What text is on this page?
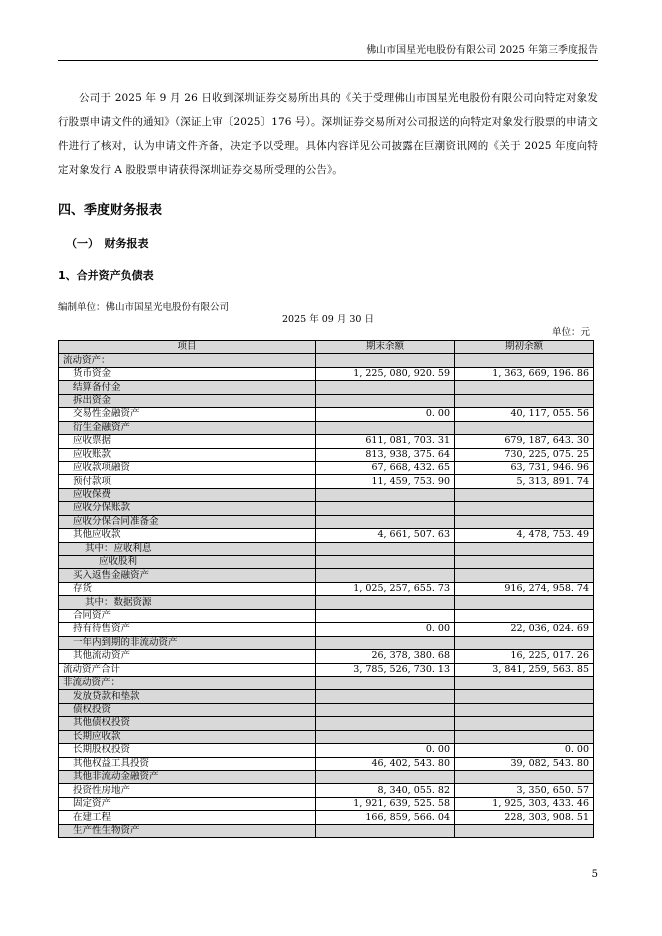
佛山市国星光电股份有限公司 2025 年第三季度报告

公司于 2025 年 9 月 26 日收到深圳证券交易所出具的《关于受理佛山市国星光电股份有限公司向特定对象发行股票申请文件的通知》（深证上审〔2025〕176 号）。深圳证券交易所对公司报送的向特定对象发行股票的申请文件进行了核对，认为申请文件齐备，决定予以受理。具体内容详见公司披露在巨潮资讯网的《关于 2025 年度向特定对象发行 A 股股票申请获得深圳证券交易所受理的公告》。

四、季度财务报表
（一）　财务报表
1、合并资产负债表
编制单位：佛山市国星光电股份有限公司
2025 年 09 月 30 日
单位：元
项目	期末余额	期初余额
流动资产：		
货币资金	1, 225, 080, 920. 59	1, 363, 669, 196. 86
结算备付金		
拆出资金		
交易性金融资产	0. 00	40, 117, 055. 56
衍生金融资产		
应收票据	611, 081, 703. 31	679, 187, 643. 30
应收账款	813, 938, 375. 64	730, 225, 075. 25
应收款项融资	67, 668, 432. 65	63, 731, 946. 96
预付款项	11, 459, 753. 90	5, 313, 891. 74
应收保费		
应收分保账款		
应收分保合同准备金		
其他应收款	4, 661, 507. 63	4, 478, 753. 49
其中：应收利息		
应收股利		
买入返售金融资产		
存货	1, 025, 257, 655. 73	916, 274, 958. 74
其中：数据资源		
合同资产		
持有待售资产	0. 00	22, 036, 024. 69
一年内到期的非流动资产		
其他流动资产	26, 378, 380. 68	16, 225, 017. 26
流动资产合计	3, 785, 526, 730. 13	3, 841, 259, 563. 85
非流动资产：		
发放贷款和垫款		
债权投资		
其他债权投资		
长期应收款		
长期股权投资	0. 00	0. 00
其他权益工具投资	46, 402, 543. 80	39, 082, 543. 80
其他非流动金融资产		
投资性房地产	8, 340, 055. 82	3, 350, 650. 57
固定资产	1, 921, 639, 525. 58	1, 925, 303, 433. 46
在建工程	166, 859, 566. 04	228, 303, 908. 51
生产性生物资产		
5
